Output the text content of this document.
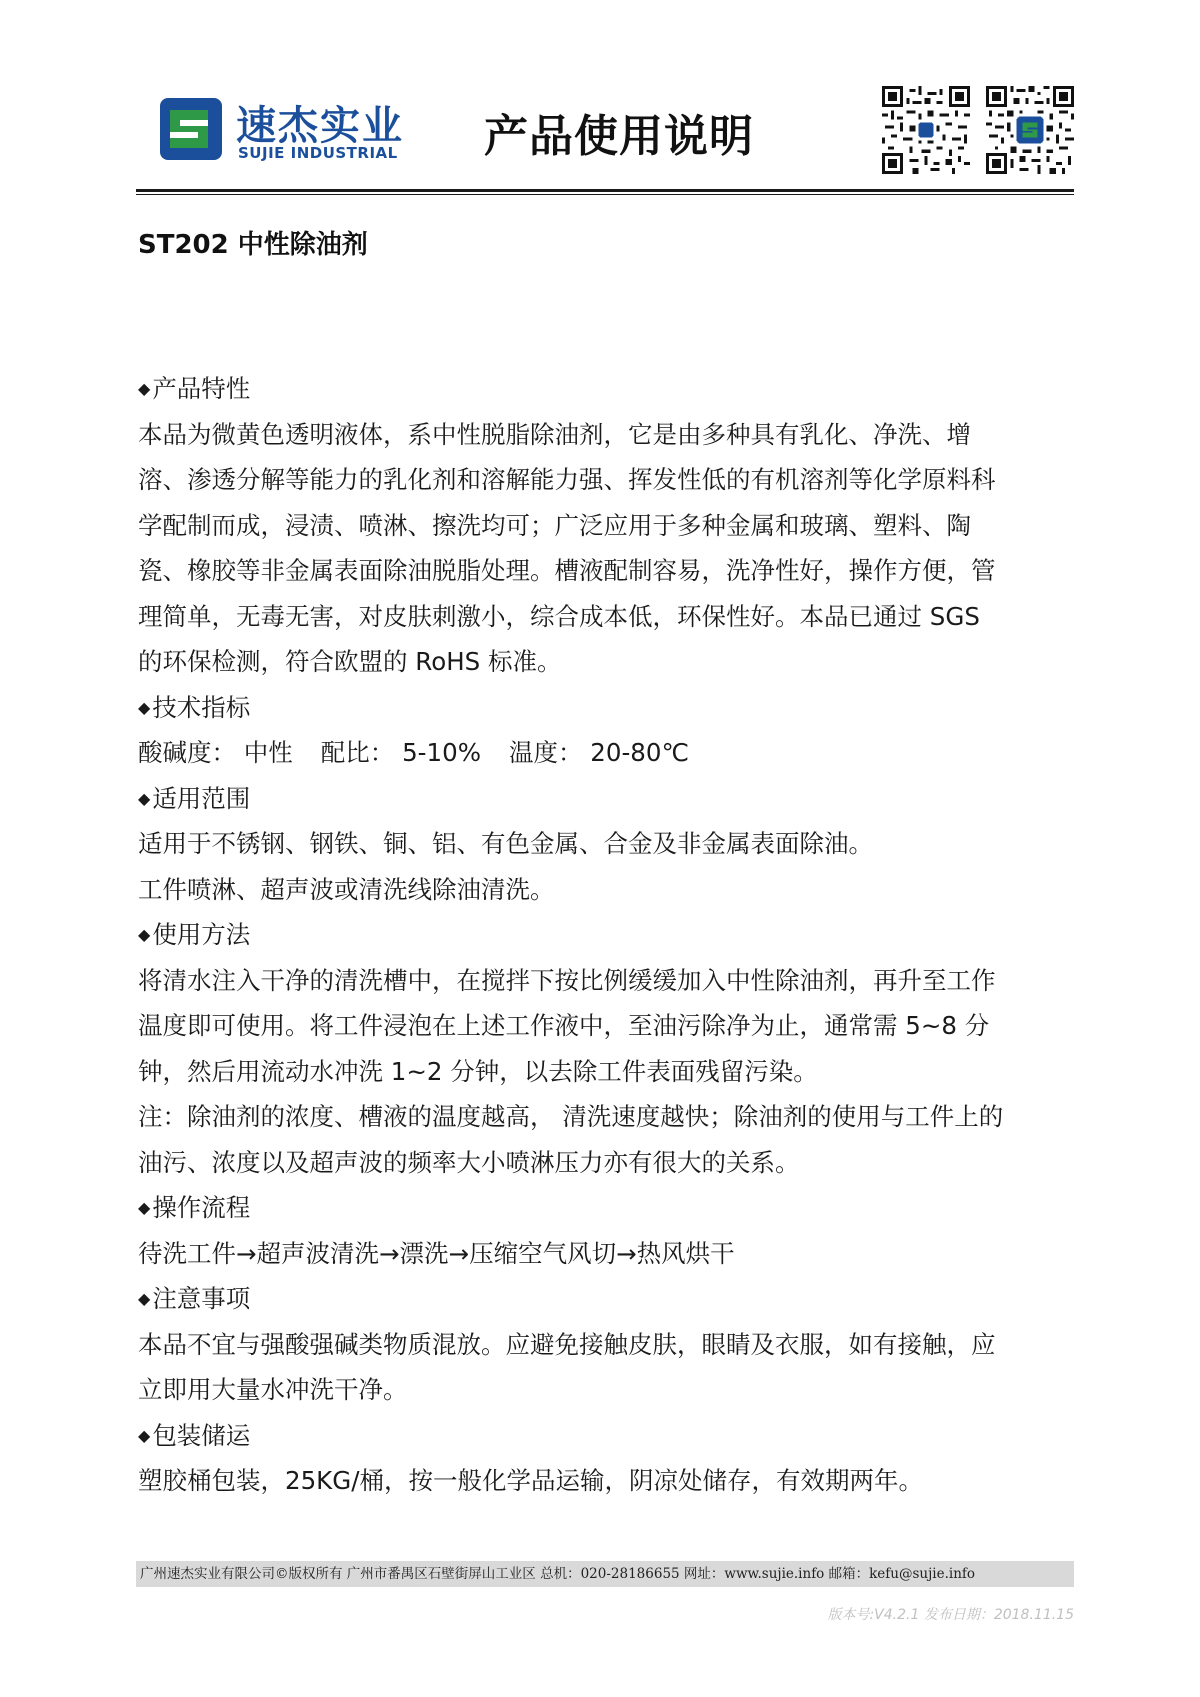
速杰实业
SUJIE INDUSTRIAL 产品使用说明
ST202 中性除油剂

◆ 产品特性

本品为微黄色透明液体，系中性脱脂除油剂，它是由多种具有乳化、净洗、增

溶、渗透分解等能力的乳化剂和溶解能力强、挥发性低的有机溶剂等化学原料科

学配制而成，浸渍、喷淋、擦洗均可；广泛应用于多种金属和玻璃、塑料、陶

瓷、橡胶等非金属表面除油脱脂处理。槽液配制容易，洗净性好，操作方便，管

理简单，无毒无害，对皮肤刺激小，综合成本低，环保性好。本品已通过 SGS

的环保检测，符合欧盟的 RoHS 标准。

◆ 技术指标

酸碱度： 中性 配比： 5-10% 温度： 20-80℃

◆ 适用范围

适用于不锈钢、钢铁、铜、铝、有色金属、合金及非金属表面除油。

工件喷淋、超声波或清洗线除油清洗。

◆ 使用方法

将清水注入干净的清洗槽中，在搅拌下按比例缓缓加入中性除油剂，再升至工作

温度即可使用。将工件浸泡在上述工作液中，至油污除净为止，通常需 5~8 分

钟，然后用流动水冲洗 1~2 分钟，以去除工件表面残留污染。

注：除油剂的浓度、槽液的温度越高， 清洗速度越快；除油剂的使用与工件上的

油污、浓度以及超声波的频率大小喷淋压力亦有很大的关系。

◆ 操作流程

待洗工件→超声波清洗→漂洗→压缩空气风切→热风烘干

◆ 注意事项

本品不宜与强酸强碱类物质混放。应避免接触皮肤，眼睛及衣服，如有接触，应

立即用大量水冲洗干净。

◆ 包装储运

塑胶桶包装，25KG/桶，按一般化学品运输，阴凉处储存，有效期两年。

广州速杰实业有限公司©版权所有 广州市番禺区石壁街屏山工业区 总机：020-28186655 网址：www.sujie.info 邮箱：kefu@sujie.info
版本号:V4.2.1 发布日期：2018.11.15
